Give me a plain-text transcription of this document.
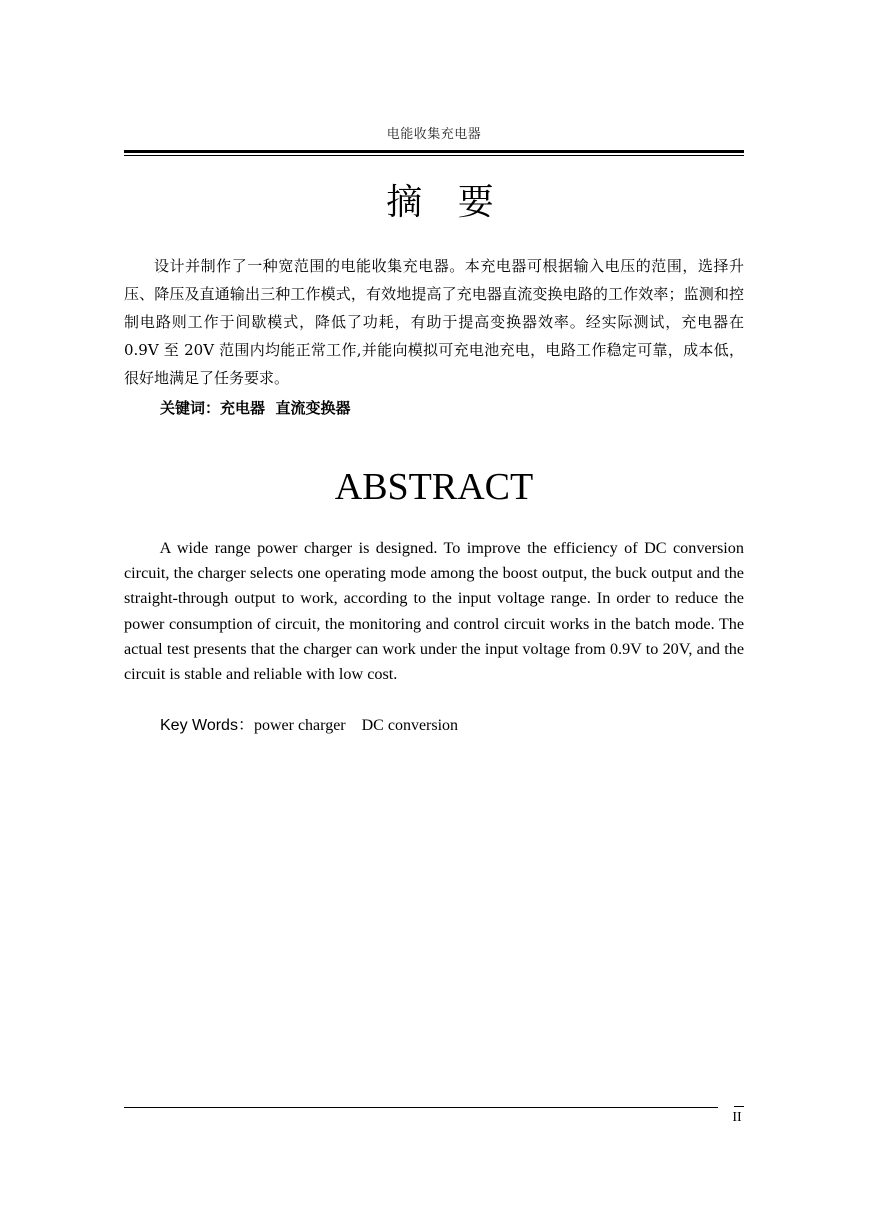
电能收集充电器
摘 要

设计并制作了一种宽范围的电能收集充电器。本充电器可根据输入电压的范围，选择升压、降压及直通输出三种工作模式，有效地提高了充电器直流变换电路的工作效率；监测和控制电路则工作于间歇模式，降低了功耗，有助于提高变换器效率。经实际测试，充电器在 0.9V 至 20V 范围内均能正常工作,并能向模拟可充电池充电，电路工作稳定可靠，成本低，很好地满足了任务要求。

关键词：充电器  直流变换器
ABSTRACT

A wide range power charger is designed. To improve the efficiency of DC conversion circuit, the charger selects one operating mode among the boost output, the buck output and the straight-through output to work, according to the input voltage range. In order to reduce the power consumption of circuit, the monitoring and control circuit works in the batch mode. The actual test presents that the charger can work under the input voltage from 0.9V to 20V, and the circuit is stable and reliable with low cost.

Key Words：power charger    DC conversion
II
